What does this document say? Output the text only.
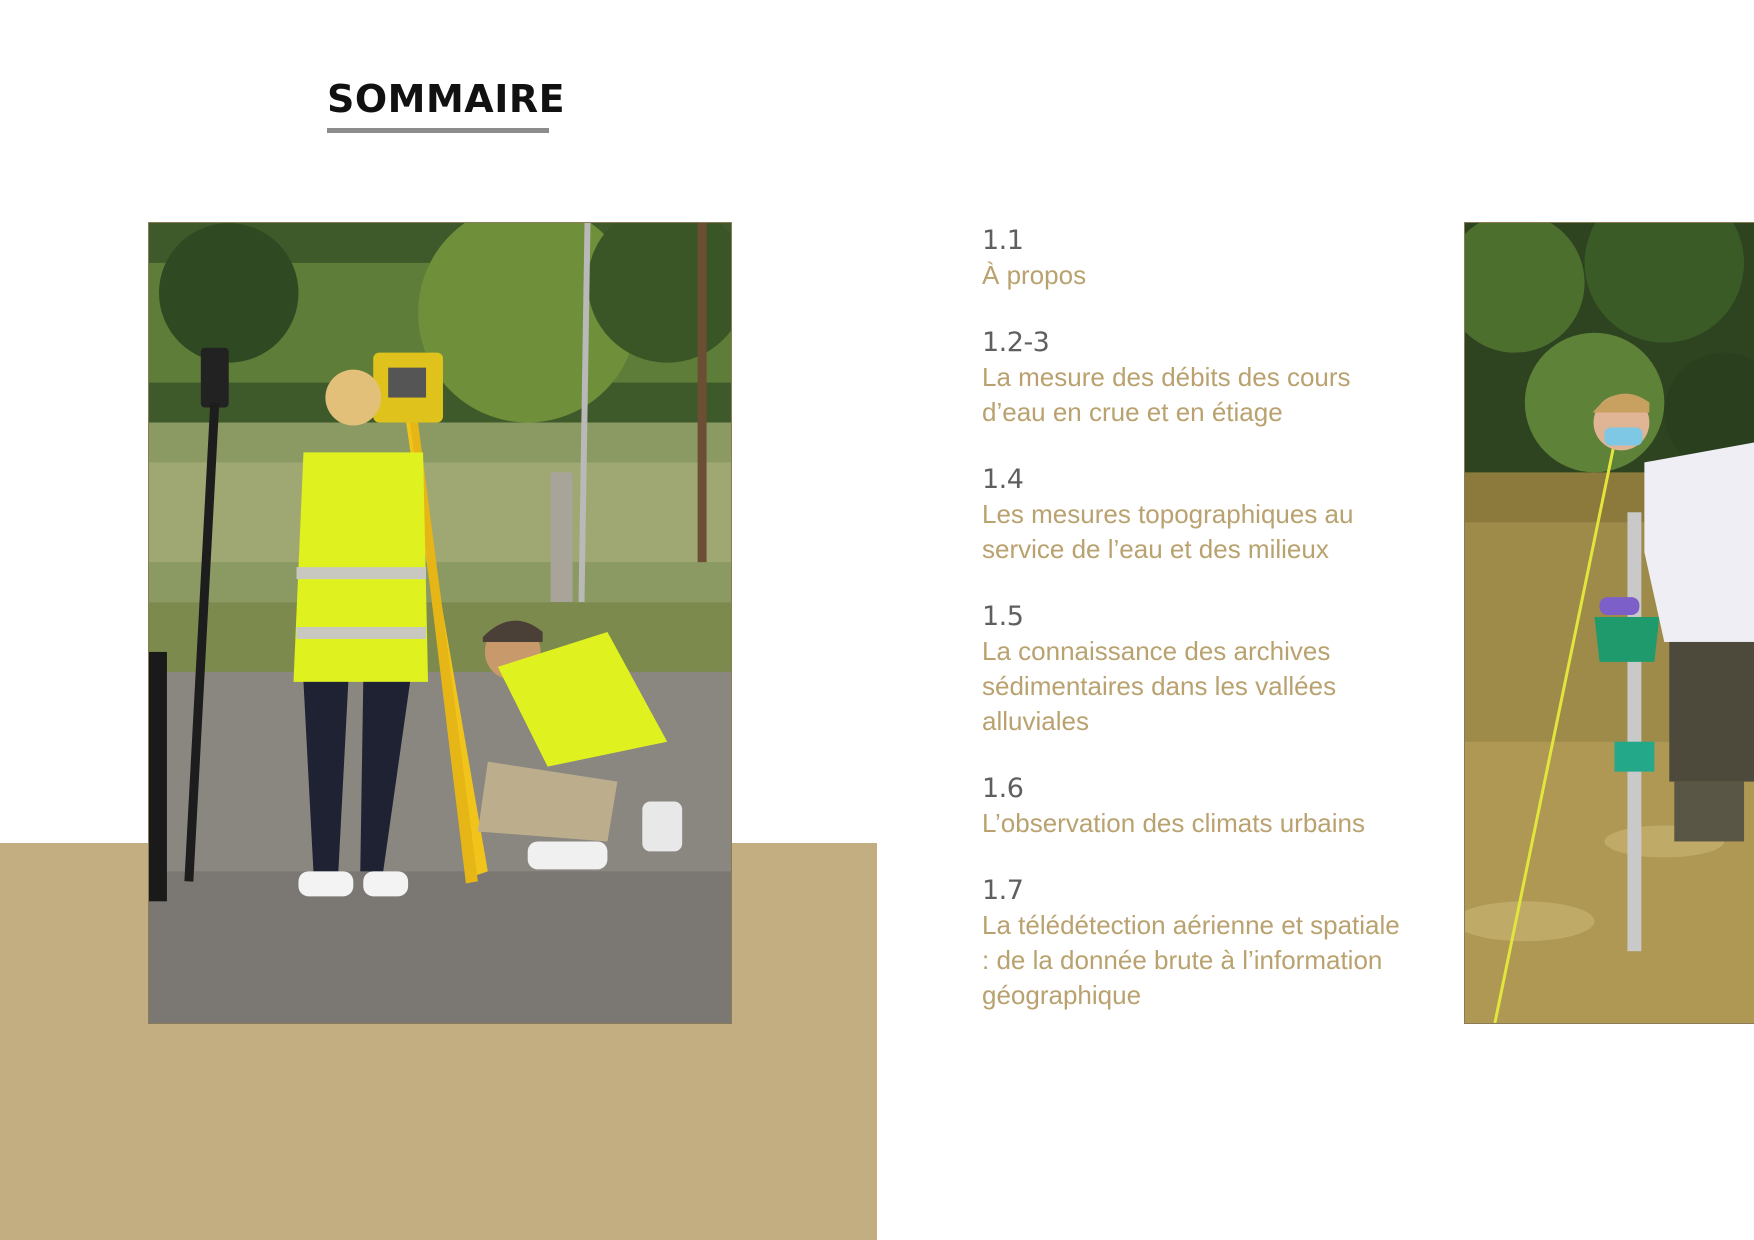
SOMMAIRE
1.1
À propos
1.2-3
La mesure des débits des cours d’eau en crue et en étiage
1.4
Les mesures topographiques au service de l’eau et des milieux
1.5
La connaissance des archives sédimentaires dans les vallées alluviales
1.6
L’observation des climats urbains
1.7
La télédétection aérienne et spatiale : de la donnée brute à l’information géographique
